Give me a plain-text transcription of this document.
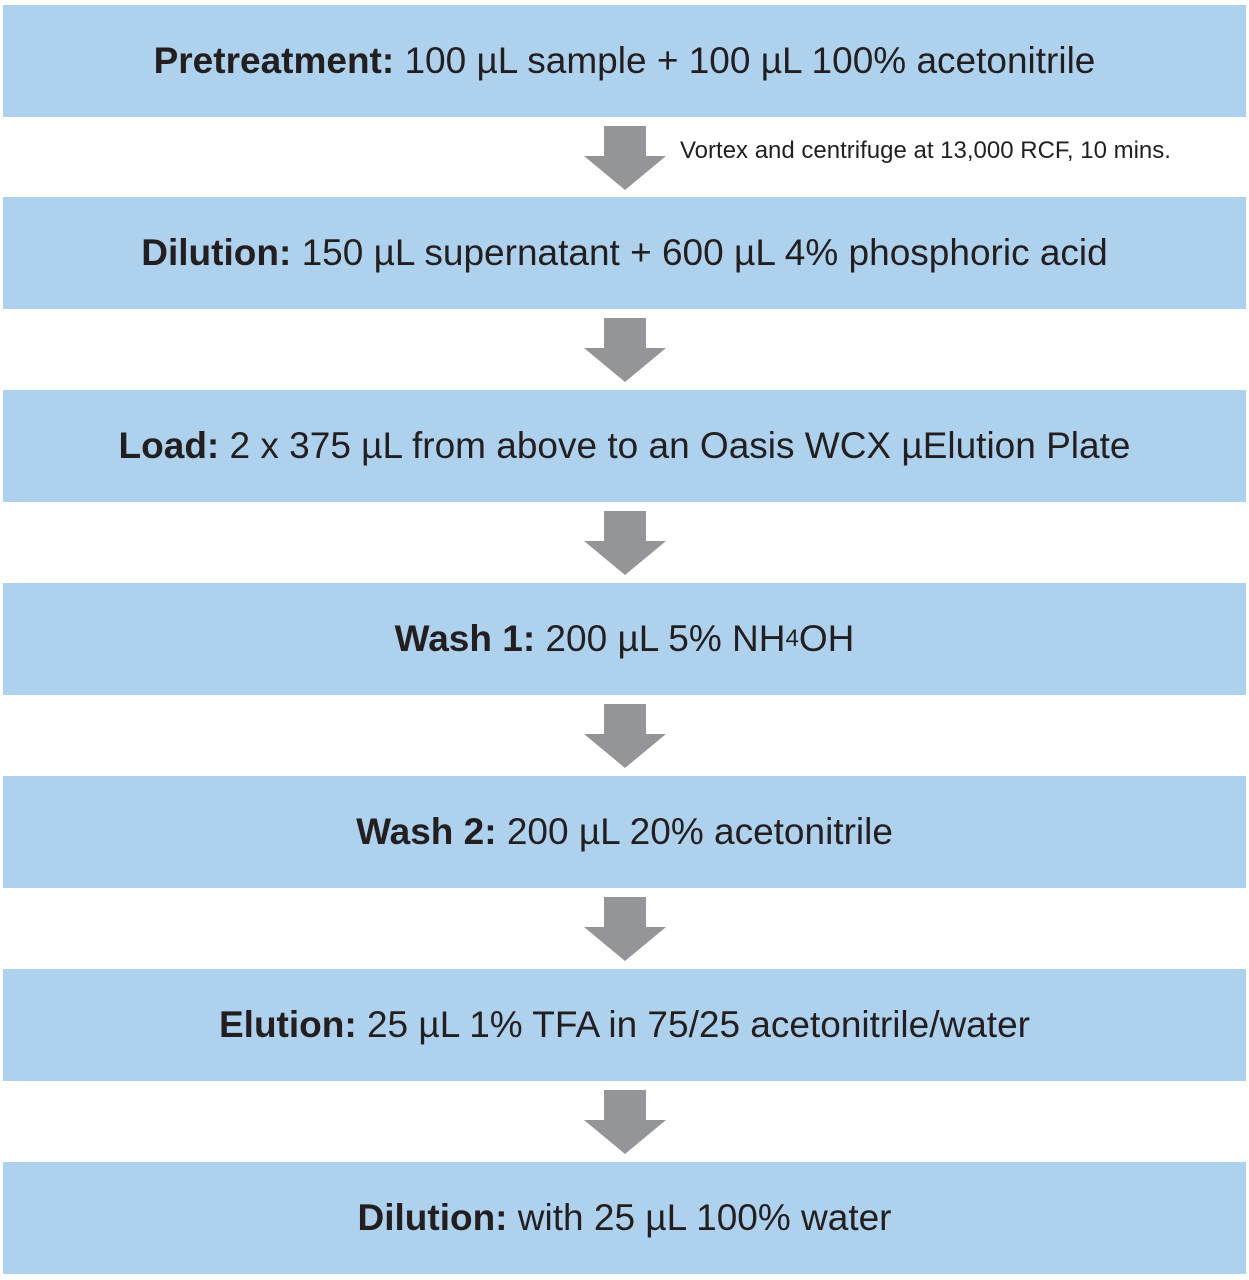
Pretreatment: 100 µL sample + 100 µL 100% acetonitrile
Vortex and centrifuge at 13,000 RCF, 10 mins.
Dilution: 150 µL supernatant + 600 µL 4% phosphoric acid
Load: 2 x 375 µL from above to an Oasis WCX µElution Plate
Wash 1: 200 µL 5% NH 4 OH
Wash 2: 200 µL 20% acetonitrile
Elution: 25 µL 1% TFA in 75/25 acetonitrile/water
Dilution: with 25 µL 100% water
